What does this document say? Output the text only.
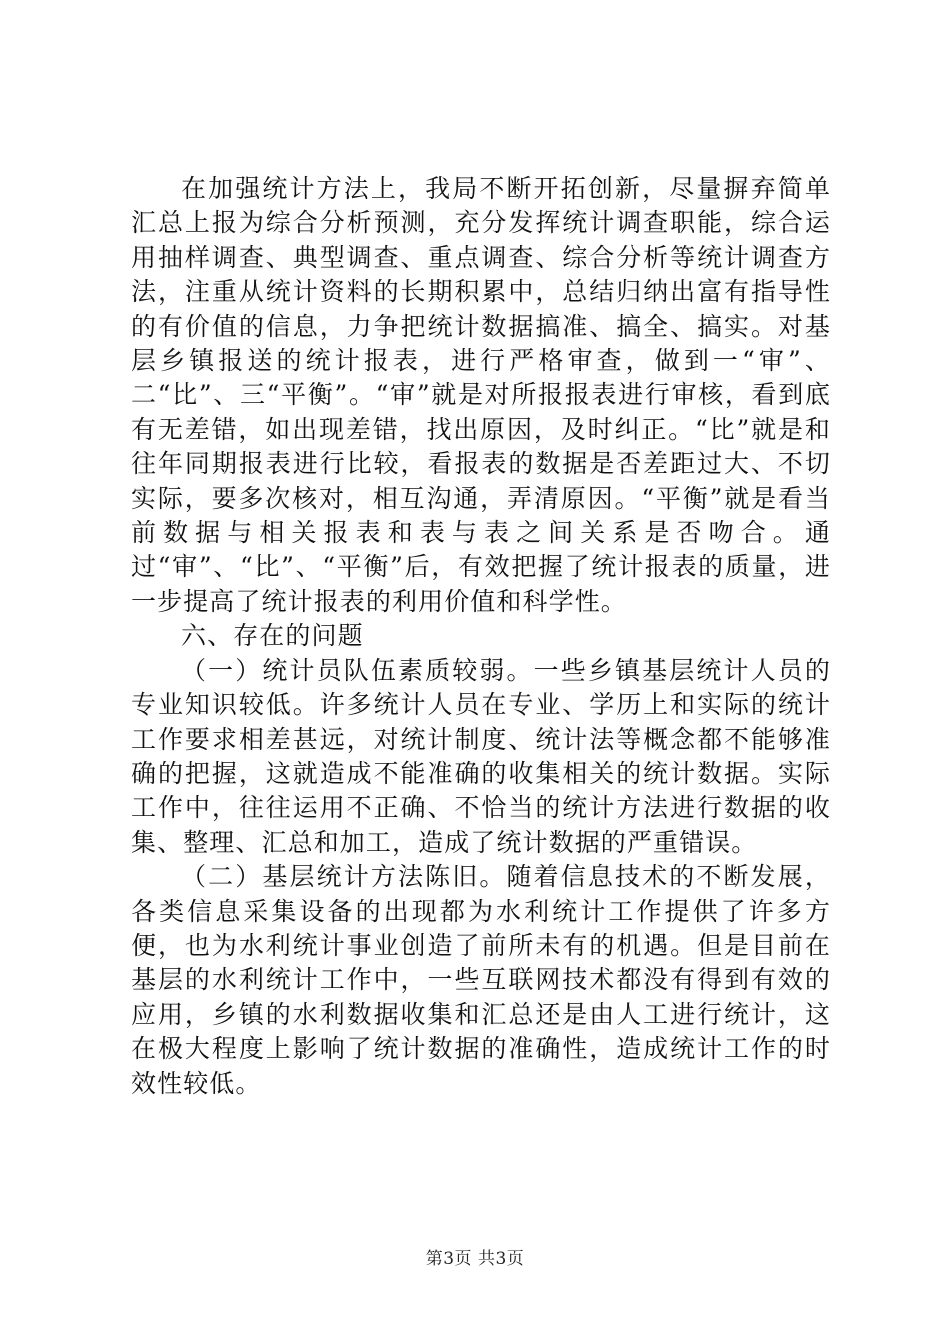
在加强统计方法上，我局不断开拓创新，尽量摒弃简单汇总上报为综合分析预测，充分发挥统计调查职能，综合运用抽样调查、典型调查、重点调查、综合分析等统计调查方法，注重从统计资料的长期积累中，总结归纳出富有指导性的有价值的信息，力争把统计数据搞准、搞全、搞实。对基层乡镇报送的统计报表，进行严格审查，做到一“审”、二“比”、三“平衡”。“审”就是对所报报表进行审核，看到底有无差错，如出现差错，找出原因，及时纠正。“比”就是和往年同期报表进行比较，看报表的数据是否差距过大、不切实际，要多次核对，相互沟通，弄清原因。“平衡”就是看当前数据与相关报表和表与表之间关系是否吻合。通过“审”、“比”、“平衡”后，有效把握了统计报表的质量，进一步提高了统计报表的利用价值和科学性。

六、存在的问题

（一）统计员队伍素质较弱。一些乡镇基层统计人员的专业知识较低。许多统计人员在专业、学历上和实际的统计工作要求相差甚远，对统计制度、统计法等概念都不能够准确的把握，这就造成不能准确的收集相关的统计数据。实际工作中，往往运用不正确、不恰当的统计方法进行数据的收集、整理、汇总和加工，造成了统计数据的严重错误。

（二）基层统计方法陈旧。随着信息技术的不断发展，各类信息采集设备的出现都为水利统计工作提供了许多方便，也为水利统计事业创造了前所未有的机遇。但是目前在基层的水利统计工作中，一些互联网技术都没有得到有效的应用，乡镇的水利数据收集和汇总还是由人工进行统计，这在极大程度上影响了统计数据的准确性，造成统计工作的时效性较低。

第3页 共3页
